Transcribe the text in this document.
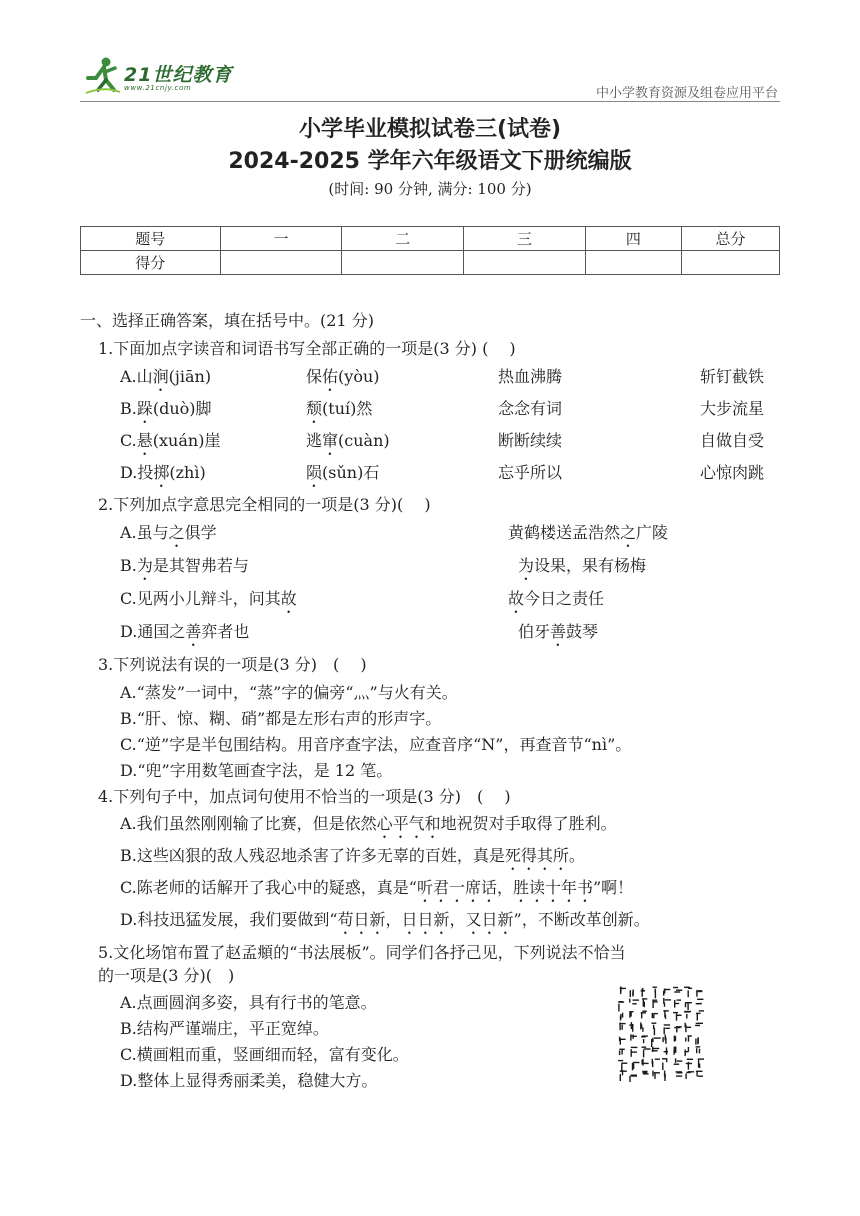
21世纪教育
www.21cnjy.com	中小学教育资源及组卷应用平台
小学毕业模拟试卷三(试卷)
2024-2025 学年六年级语文下册统编版
(时间: 90 分钟, 满分: 100 分)
题号	一	二	三	四	总分
得分					
一、选择正确答案，填在括号中。(21 分)
1.下面加点字读音和词语书写全部正确的一项是(3 分) (　 )
A.山涧(jiān)	保佑(yòu)	热血沸腾	斩钉截铁
B.跺(duò)脚	颓(tuí)然	念念有词	大步流星
C.悬(xuán)崖	逃窜(cuàn)	断断续续	自做自受
D.投掷(zhì)	陨(sǔn)石	忘乎所以	心惊肉跳
2.下列加点字意思完全相同的一项是(3 分)(　 )
A.虽与之俱学	黄鹤楼送孟浩然之广陵
B.为是其智弗若与	为设果，果有杨梅
C.见两小儿辩斗，问其故	故今日之责任
D.通国之善弈者也	伯牙善鼓琴
3.下列说法有误的一项是(3 分)　(　 )
A.“蒸发”一词中，“蒸”字的偏旁“灬”与火有关。
B.“肝、惊、糊、硝”都是左形右声的形声字。
C.“逆”字是半包围结构。用音序查字法，应查音序“N”，再查音节“nì”。
D.“兜”字用数笔画查字法，是 12 笔。
4.下列句子中，加点词句使用不恰当的一项是(3 分)　(　 )
A.我们虽然刚刚输了比赛，但是依然心平气和地祝贺对手取得了胜利。
B.这些凶狠的敌人残忍地杀害了许多无辜的百姓，真是死得其所。
C.陈老师的话解开了我心中的疑惑，真是“听君一席话，胜读十年书”啊！
D.科技迅猛发展，我们要做到“苟日新，日日新，又日新”，不断改革创新。
5.文化场馆布置了赵孟頫的“书法展板”。同学们各抒己见，下列说法不恰当
的一项是(3 分)(　)
A.点画圆润多姿，具有行书的笔意。
B.结构严谨端庄，平正宽绰。
C.横画粗而重，竖画细而轻，富有变化。
D.整体上显得秀丽柔美，稳健大方。
